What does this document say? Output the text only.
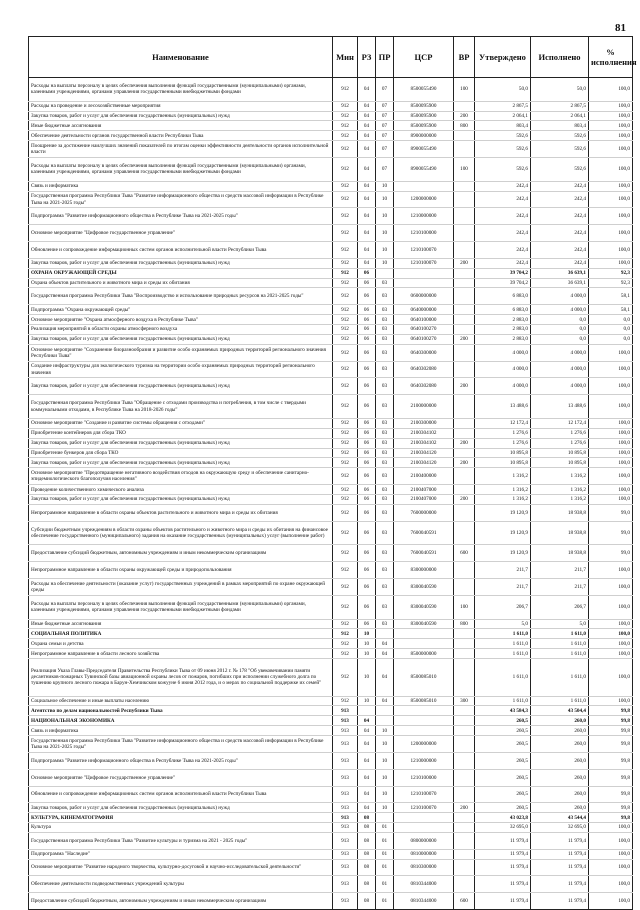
81
Наименование	Мин	РЗ	ПР	ЦСР	ВР	Утверждено	Исполнено	% исполнения
Расходы на выплаты персоналу в целях обеспечения выполнения функций государственными (муниципальными) органами, казенными учреждениями, органами управления государственными внебюджетными фондами	912	04	07	8500055490	100	50,0	50,0	100,0
Расходы на проведение и лесохозяйственные мероприятия	912	04	07	8500095900		2 867,5	2 867,5	100,0
Закупка товаров, работ и услуг для обеспечения государственных (муниципальных) нужд	912	04	07	8500095900	200	2 064,1	2 064,1	100,0
Иные бюджетные ассигнования	912	04	07	8500095900	800	803,4	803,4	100,0
Обеспечение деятельности органов государственной власти Республики Тыва	912	04	07	8900000000		592,6	592,6	100,0
Поощрение за достижение наилучших значений показателей по итогам оценки эффективности деятельности органов исполнительной власти	912	04	07	8900055490		592,6	592,6	100,0
Расходы на выплаты персоналу в целях обеспечения выполнения функций государственными (муниципальными) органами, казенными учреждениями, органами управления государственными внебюджетными фондами	912	04	07	8900055490	100	592,6	592,6	100,0
Связь и информатика	912	04	10			242,4	242,4	100,0
Государственная программа Республики Тыва "Развитие информационного общества и средств массовой информации в Республике Тыва на 2021-2025 годы"	912	04	10	1200000000		242,4	242,4	100,0
Подпрограмма "Развитие информационного общества в Республике Тыва на 2021-2025 годы"	912	04	10	1210000000		242,4	242,4	100,0
Основное мероприятие "Цифровое государственное управление"	912	04	10	1210100000		242,4	242,4	100,0
Обновление и сопровождение информационных систем органов исполнительной власти Республики Тыва	912	04	10	1210100070		242,4	242,4	100,0
Закупка товаров, работ и услуг для обеспечения государственных (муниципальных) нужд	912	04	10	1210100070	200	242,4	242,4	100,0
ОХРАНА ОКРУЖАЮЩЕЙ СРЕДЫ	912	06				39 704,2	36 639,1	92,3
Охрана объектов растительного и животного мира и среды их обитания	912	06	03			39 704,2	36 639,1	92,3
Государственная программа Республики Тыва "Воспроизводство и использование природных ресурсов на 2021-2025 годы"	912	06	03	0600000000		6 883,0	4 000,0	58,1
Подпрограмма "Охрана окружающей среды"	912	06	03	0640000000		6 883,0	4 000,0	58,1
Основное мероприятие "Охрана атмосферного воздуха в Республике Тыва"	912	06	03	0640100000		2 883,0	0,0	0,0
Реализация мероприятий в области охраны атмосферного воздуха	912	06	03	0640100270		2 883,0	0,0	0,0
Закупка товаров, работ и услуг для обеспечения государственных (муниципальных) нужд	912	06	03	0640100270	200	2 883,0	0,0	0,0
Основное мероприятие "Сохранение биоразнообразия и развитие особо охраняемых природных территорий регионального значения Республики Тыва"	912	06	03	0640300000		4 000,0	4 000,0	100,0
Создание инфраструктуры для экологического туризма на территории особо охраняемых природных территорий регионального значения	912	06	03	0640302080		4 000,0	4 000,0	100,0
Закупка товаров, работ и услуг для обеспечения государственных (муниципальных) нужд	912	06	03	0640302080	200	4 000,0	4 000,0	100,0
Государственная программа Республики Тыва "Обращение с отходами производства и потребления, в том числе с твердыми коммунальными отходами, в Республике Тыва на 2018-2026 годы"	912	06	03	2100000000		13 488,6	13 488,6	100,0
Основное мероприятие "Создание и развитие системы обращения с отходами"	912	06	03	2100300000		12 172,4	12 172,4	100,0
Приобретение контейнеров для сбора ТКО	912	06	03	2100304102		1 276,6	1 276,6	100,0
Закупка товаров, работ и услуг для обеспечения государственных (муниципальных) нужд	912	06	03	2100304102	200	1 276,6	1 276,6	100,0
Приобретение бункеров для сбора ТКО	912	06	03	2100304120		10 895,8	10 895,8	100,0
Закупка товаров, работ и услуг для обеспечения государственных (муниципальных) нужд	912	06	03	2100304120	200	10 895,8	10 895,8	100,0
Основное мероприятие "Предотвращение негативного воздействия отходов на окружающую среду и обеспечение санитарно-эпидемиологического благополучия населения"	912	06	03	2100400000		1 316,2	1 316,2	100,0
Проведение количественного химического анализа	912	06	03	2100407000		1 316,2	1 316,2	100,0
Закупка товаров, работ и услуг для обеспечения государственных (муниципальных) нужд	912	06	03	2100407000	200	1 316,2	1 316,2	100,0
Непрограммное направление в области охраны объектов растительного и животного мира и среды их обитания	912	06	03	7600000000		19 120,9	18 938,8	99,0
Субсидии бюджетным учреждениям в области охраны объектов растительного и животного мира и среды их обитания на финансовое обеспечение государственного (муниципального) задания на оказание государственных (муниципальных) услуг (выполнение работ)	912	06	03	7600040591		19 120,9	18 938,8	99,0
Предоставление субсидий бюджетным, автономным учреждениям и иным некоммерческим организациям	912	06	03	7600040591	600	19 120,9	18 938,8	99,0
Непрограммное направление в области охраны окружающей среды и природопользования	912	06	03	8300000000		211,7	211,7	100,0
Расходы на обеспечение деятельности (оказание услуг) государственных учреждений в рамках мероприятий по охране окружающей среды	912	06	03	8300040590		211,7	211,7	100,0
Расходы на выплаты персоналу в целях обеспечения выполнения функций государственными (муниципальными) органами, казенными учреждениями, органами управления государственными внебюджетными фондами	912	06	03	8300040590	100	206,7	206,7	100,0
Иные бюджетные ассигнования	912	06	03	8300040590	800	5,0	5,0	100,0
СОЦИАЛЬНАЯ ПОЛИТИКА	912	10				1 611,0	1 611,0	100,0
Охрана семьи и детства	912	10	04			1 611,0	1 611,0	100,0
Непрограммное направление в области лесного хозяйства	912	10	04	8500000000		1 611,0	1 611,0	100,0
Реализация Указа Главы-Председателя Правительства Республики Тыва от 09 июня 2012 г. № 178 "Об увековечивании памяти десантников-пожарных Тувинской базы авиационной охраны лесов от пожаров, погибших при исполнении служебного долга по тушению крупного лесного пожара в Барун-Хемчикском кожууне 6 июня 2012 года, и о мерах по социальной поддержке их семей"	912	10	04	8500085010		1 611,0	1 611,0	100,0
Социальное обеспечение и иные выплаты населению	912	10	04	8500085010	300	1 611,0	1 611,0	100,0
Агентство по делам национальностей Республики Тыва	913					43 584,3	43 504,4	99,8
НАЦИОНАЛЬНАЯ ЭКОНОМИКА	913	04				260,5	260,0	99,8
Связь и информатика	913	04	10			260,5	260,0	99,8
Государственная программа Республики Тыва "Развитие информационного общества и средств массовой информации в Республике Тыва на 2021-2025 годы"	913	04	10	1200000000		260,5	260,0	99,8
Подпрограмма "Развитие информационного общества в Республике Тыва на 2021-2025 годы"	913	04	10	1210000000		260,5	260,0	99,8
Основное мероприятие "Цифровое государственное управление"	913	04	10	1210100000		260,5	260,0	99,8
Обновление и сопровождение информационных систем органов исполнительной власти Республики Тыва	913	04	10	1210100070		260,5	260,0	99,8
Закупка товаров, работ и услуг для обеспечения государственных (муниципальных) нужд	913	04	10	1210100070	200	260,5	260,0	99,8
КУЛЬТУРА, КИНЕМАТОГРАФИЯ	913	08				43 023,8	43 544,4	99,8
Культура	913	08	01			32 695,0	32 695,0	100,0
Государственная программа Республики Тыва "Развитие культуры и туризма на 2021 - 2025 годы"	913	08	01	0800000000		11 979,4	11 979,4	100,0
Подпрограмма "Наследие"	913	08	01	0810000000		11 979,4	11 979,4	100,0
Основное мероприятие "Развитие народного творчества, культурно-досуговой и научно-исследовательской деятельности"	913	08	01	0810300000		11 979,4	11 979,4	100,0
Обеспечение деятельности подведомственных учреждений культуры	913	08	01	0810344000		11 979,4	11 979,4	100,0
Предоставление субсидий бюджетным, автономным учреждениям и иным некоммерческим организациям	913	08	01	0810344000	600	11 979,4	11 979,4	100,0
